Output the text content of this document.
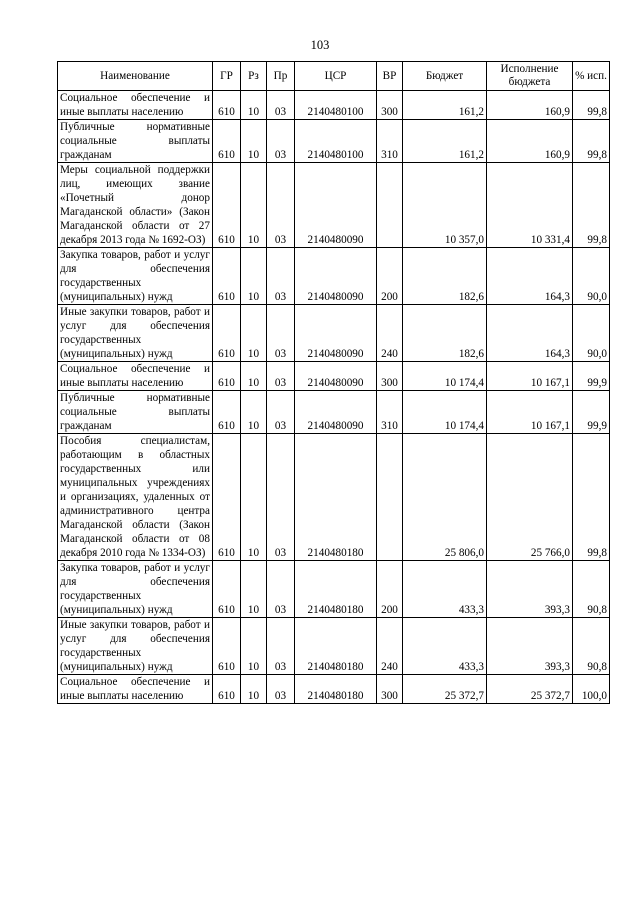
103
Наименование	ГР	Рз	Пр	ЦСР	ВР	Бюджет	Исполнение бюджета	% исп.
Социальное обеспечение и иные выплаты населению	610	10	03	2140480100	300	161,2	160,9	99,8
Публичные нормативные социальные выплаты гражданам	610	10	03	2140480100	310	161,2	160,9	99,8
Меры социальной поддержки лиц, имеющих звание «Почетный донор Магаданской области» (Закон Магаданской области от 27 декабря 2013 года № 1692-ОЗ)	610	10	03	2140480090		10 357,0	10 331,4	99,8
Закупка товаров, работ и услуг для обеспечения государственных (муниципальных) нужд	610	10	03	2140480090	200	182,6	164,3	90,0
Иные закупки товаров, работ и услуг для обеспечения государственных (муниципальных) нужд	610	10	03	2140480090	240	182,6	164,3	90,0
Социальное обеспечение и иные выплаты населению	610	10	03	2140480090	300	10 174,4	10 167,1	99,9
Публичные нормативные социальные выплаты гражданам	610	10	03	2140480090	310	10 174,4	10 167,1	99,9
Пособия специалистам, работающим в областных государственных или муниципальных учреждениях и организациях, удаленных от административного центра Магаданской области (Закон Магаданской области от 08 декабря 2010 года № 1334-ОЗ)	610	10	03	2140480180		25 806,0	25 766,0	99,8
Закупка товаров, работ и услуг для обеспечения государственных (муниципальных) нужд	610	10	03	2140480180	200	433,3	393,3	90,8
Иные закупки товаров, работ и услуг для обеспечения государственных (муниципальных) нужд	610	10	03	2140480180	240	433,3	393,3	90,8
Социальное обеспечение и иные выплаты населению	610	10	03	2140480180	300	25 372,7	25 372,7	100,0
